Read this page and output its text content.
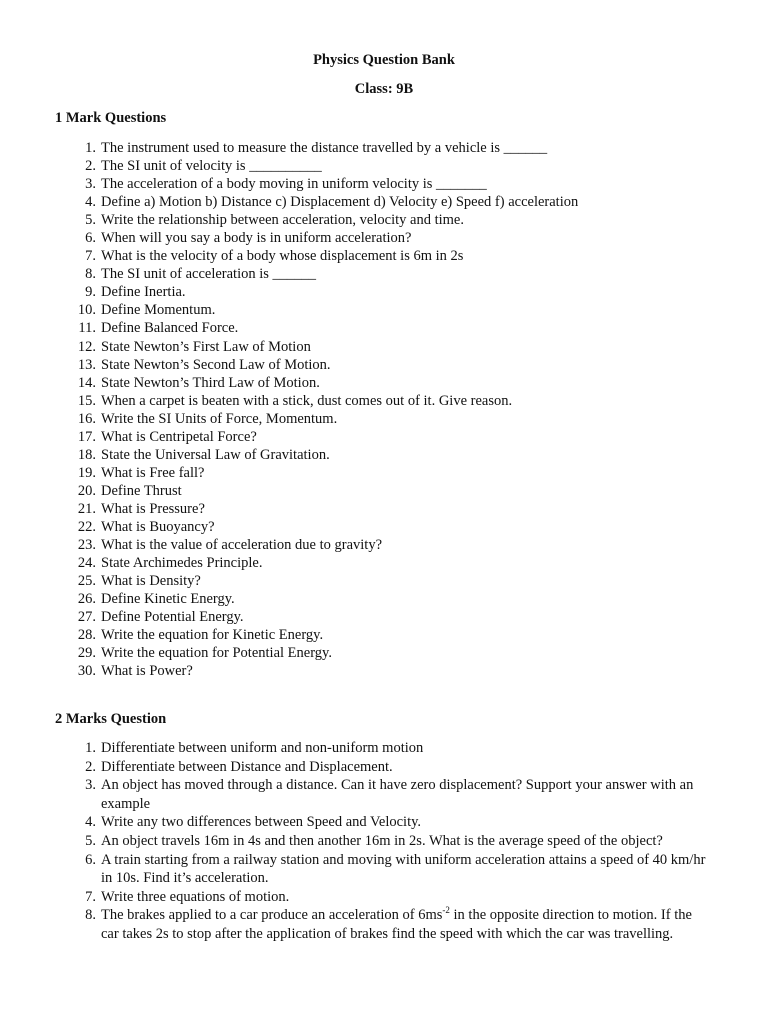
Physics Question Bank
Class: 9B
1 Mark Questions
1. The instrument used to measure the distance travelled by a vehicle is ______
2. The SI unit of velocity is __________
3. The acceleration of a body moving in uniform velocity is _______
4. Define a) Motion b) Distance c) Displacement d) Velocity e) Speed f) acceleration
5. Write the relationship between acceleration, velocity and time.
6. When will you say a body is in uniform acceleration?
7. What is the velocity of a body whose displacement is 6m in 2s
8. The SI unit of acceleration is ______
9. Define Inertia.
10. Define Momentum.
11. Define Balanced Force.
12. State Newton’s First Law of Motion
13. State Newton’s Second Law of Motion.
14. State Newton’s Third Law of Motion.
15. When a carpet is beaten with a stick, dust comes out of it. Give reason.
16. Write the SI Units of Force, Momentum.
17. What is Centripetal Force?
18. State the Universal Law of Gravitation.
19. What is Free fall?
20. Define Thrust
21. What is Pressure?
22. What is Buoyancy?
23. What is the value of acceleration due to gravity?
24. State Archimedes Principle.
25. What is Density?
26. Define Kinetic Energy.
27. Define Potential Energy.
28. Write the equation for Kinetic Energy.
29. Write the equation for Potential Energy.
30. What is Power?
2 Marks Question
1. Differentiate between uniform and non-uniform motion
2. Differentiate between Distance and Displacement.
3. An object has moved through a distance. Can it have zero displacement? Support your answer with an example
4. Write any two differences between Speed and Velocity.
5. An object travels 16m in 4s and then another 16m in 2s. What is the average speed of the object?
6. A train starting from a railway station and moving with uniform acceleration attains a speed of 40 km/hr in 10s. Find it’s acceleration.
7. Write three equations of motion.
8. The brakes applied to a car produce an acceleration of $6ms^{-2}$ in the opposite direction to motion. If the car takes 2s to stop after the application of brakes find the speed with which the car was travelling.
